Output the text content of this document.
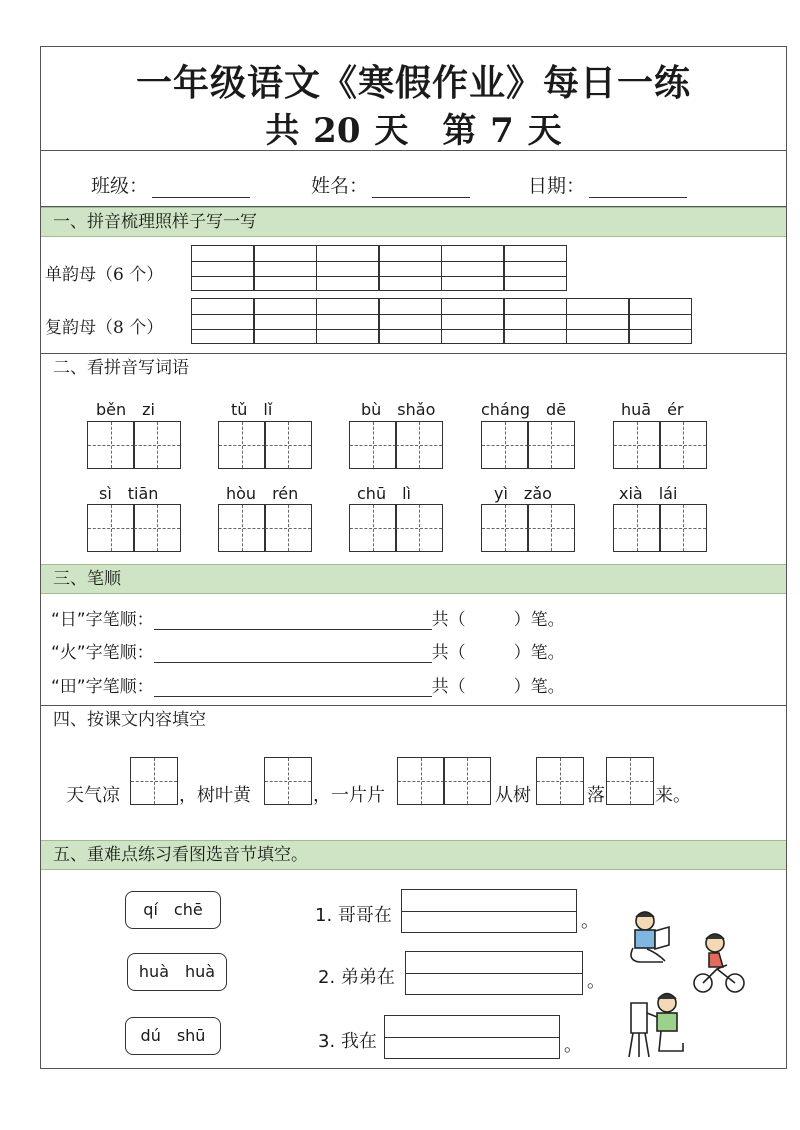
一年级语文《寒假作业》每日一练
共 20 天　第 7 天
班级：	姓名：	日期：
一、拼音梳理照样子写一写
单韵母（6 个）
复韵母（8 个）
二、看拼音写词语
běn　zi	tǔ　lǐ	bù　shǎo	cháng　dē	huā　ér
sì　tiān	hòu　rén	chū　lì	yì　zǎo	xià　lái
三、笔顺
“日”字笔顺：	共（	）笔。
“火”字笔顺：	共（	）笔。
“田”字笔顺：	共（	）笔。
四、按课文内容填空
天气凉	，树叶黄	，一片片	从树	落	来。
五、重难点练习看图选音节填空。
qí　chē
huà　huà
dú　shū
1. 哥哥在	。
2. 弟弟在	。
3. 我在	。
